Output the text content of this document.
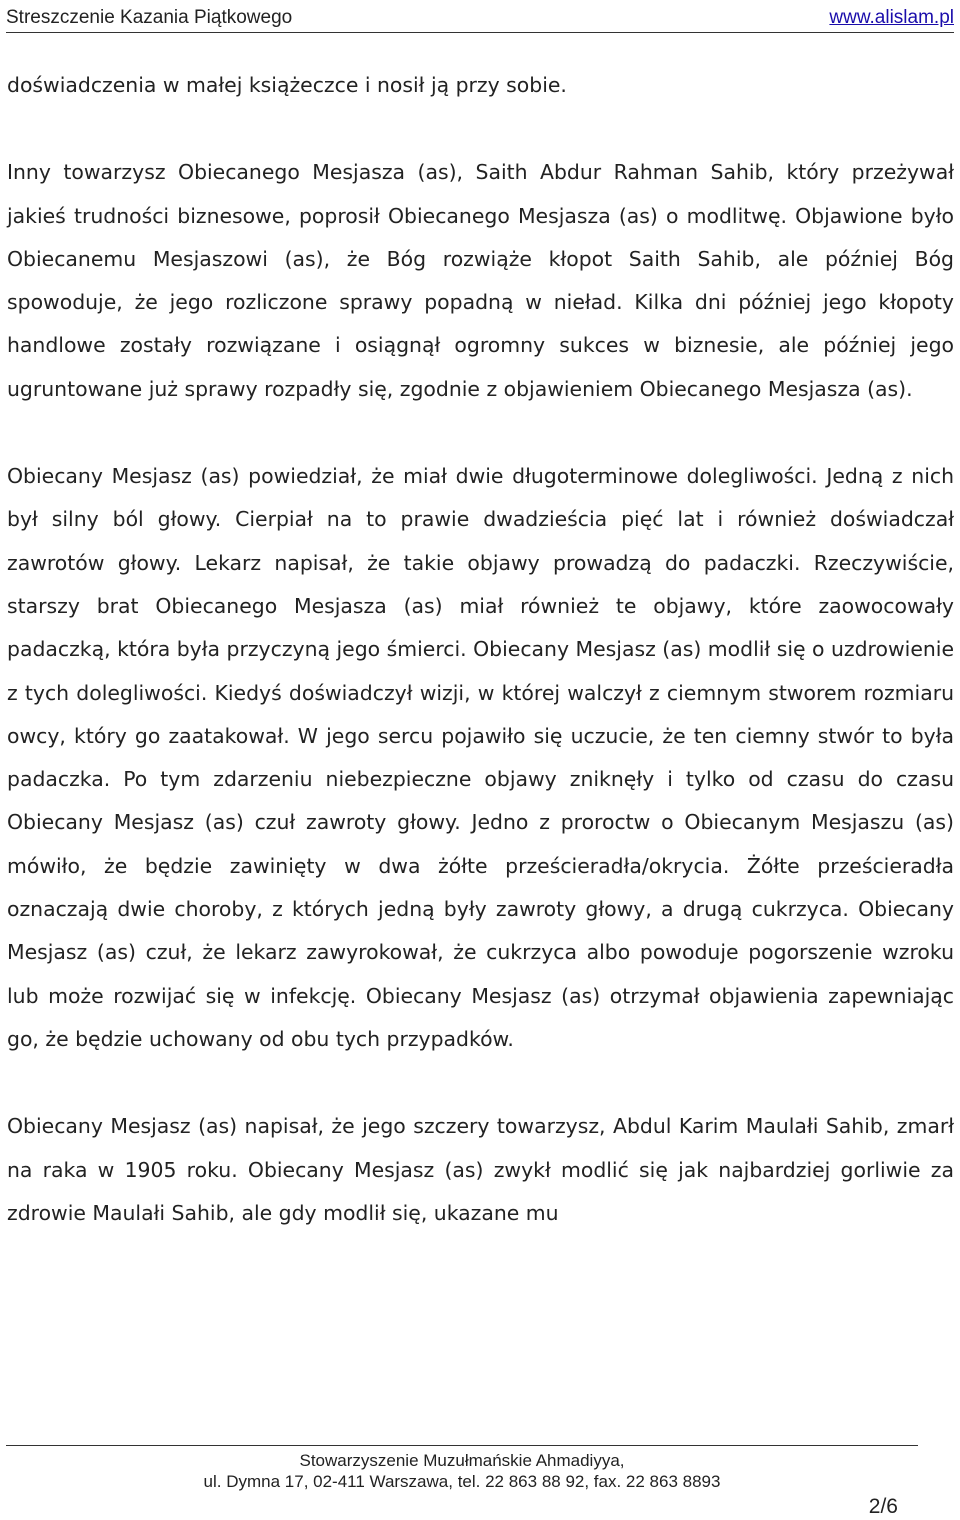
Streszczenie Kazania Piątkowego	www.alislam.pl

doświadczenia w małej książeczce i nosił ją przy sobie.

Inny towarzysz Obiecanego Mesjasza (as), Saith Abdur Rahman Sahib, który przeżywał jakieś trudności biznesowe, poprosił Obiecanego Mesjasza (as) o modlitwę. Objawione było Obiecanemu Mesjaszowi (as), że Bóg rozwiąże kłopot Saith Sahib, ale później Bóg spowoduje, że jego rozliczone sprawy popadną w nieład. Kilka dni później jego kłopoty handlowe zostały rozwiązane i osiągnął ogromny sukces w biznesie, ale później jego ugruntowane już sprawy rozpadły się, zgodnie z objawieniem Obiecanego Mesjasza (as).

Obiecany Mesjasz (as) powiedział, że miał dwie długoterminowe dolegliwości. Jedną z nich był silny ból głowy. Cierpiał na to prawie dwadzieścia pięć lat i również doświadczał zawrotów głowy. Lekarz napisał, że takie objawy prowadzą do padaczki. Rzeczywiście, starszy brat Obiecanego Mesjasza (as) miał również te objawy, które zaowocowały padaczką, która była przyczyną jego śmierci. Obiecany Mesjasz (as) modlił się o uzdrowienie z tych dolegliwości. Kiedyś doświadczył wizji, w której walczył z ciemnym stworem rozmiaru owcy, który go zaatakował. W jego sercu pojawiło się uczucie, że ten ciemny stwór to była padaczka. Po tym zdarzeniu niebezpieczne objawy zniknęły i tylko od czasu do czasu Obiecany Mesjasz (as) czuł zawroty głowy. Jedno z proroctw o Obiecanym Mesjaszu (as) mówiło, że będzie zawinięty w dwa żółte prześcieradła/okrycia. Żółte prześcieradła oznaczają dwie choroby, z których jedną były zawroty głowy, a drugą cukrzyca. Obiecany Mesjasz (as) czuł, że lekarz zawyrokował, że cukrzyca albo powoduje pogorszenie wzroku lub może rozwijać się w infekcję. Obiecany Mesjasz (as) otrzymał objawienia zapewniając go, że będzie uchowany od obu tych przypadków.

Obiecany Mesjasz (as) napisał, że jego szczery towarzysz, Abdul Karim Maulałi Sahib, zmarł na raka w 1905 roku. Obiecany Mesjasz (as) zwykł modlić się jak najbardziej gorliwie za zdrowie Maulałi Sahib, ale gdy modlił się, ukazane mu

Stowarzyszenie Muzułmańskie Ahmadiyya,
ul. Dymna 17, 02-411 Warszawa, tel. 22 863 88 92, fax. 22 863 8893
2/6
